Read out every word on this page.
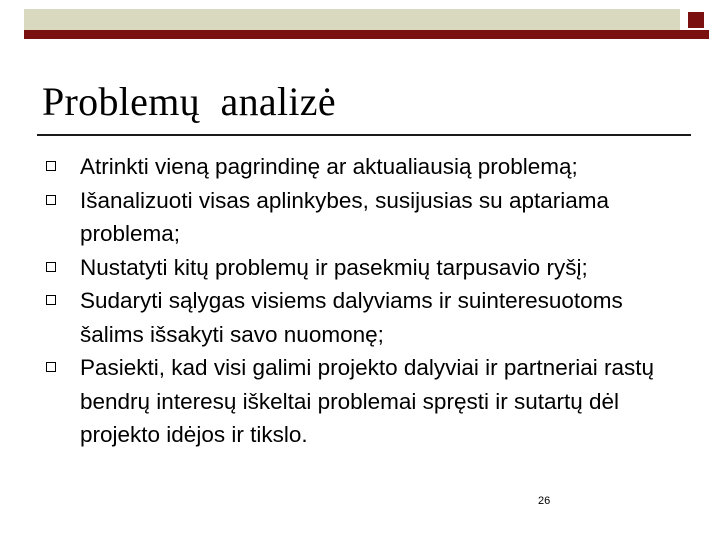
Problemų  analizė
Atrinkti vieną pagrindinę ar aktualiausią problemą;
Išanalizuoti visas aplinkybes, susijusias su aptariama problema;
Nustatyti kitų problemų ir pasekmių tarpusavio ryšį;
Sudaryti sąlygas visiems dalyviams ir suinteresuotoms šalims išsakyti savo nuomonę;
Pasiekti, kad visi galimi projekto dalyviai ir partneriai rastų bendrų interesų iškeltai problemai spręsti ir sutartų dėl projekto idėjos ir tikslo.
26
